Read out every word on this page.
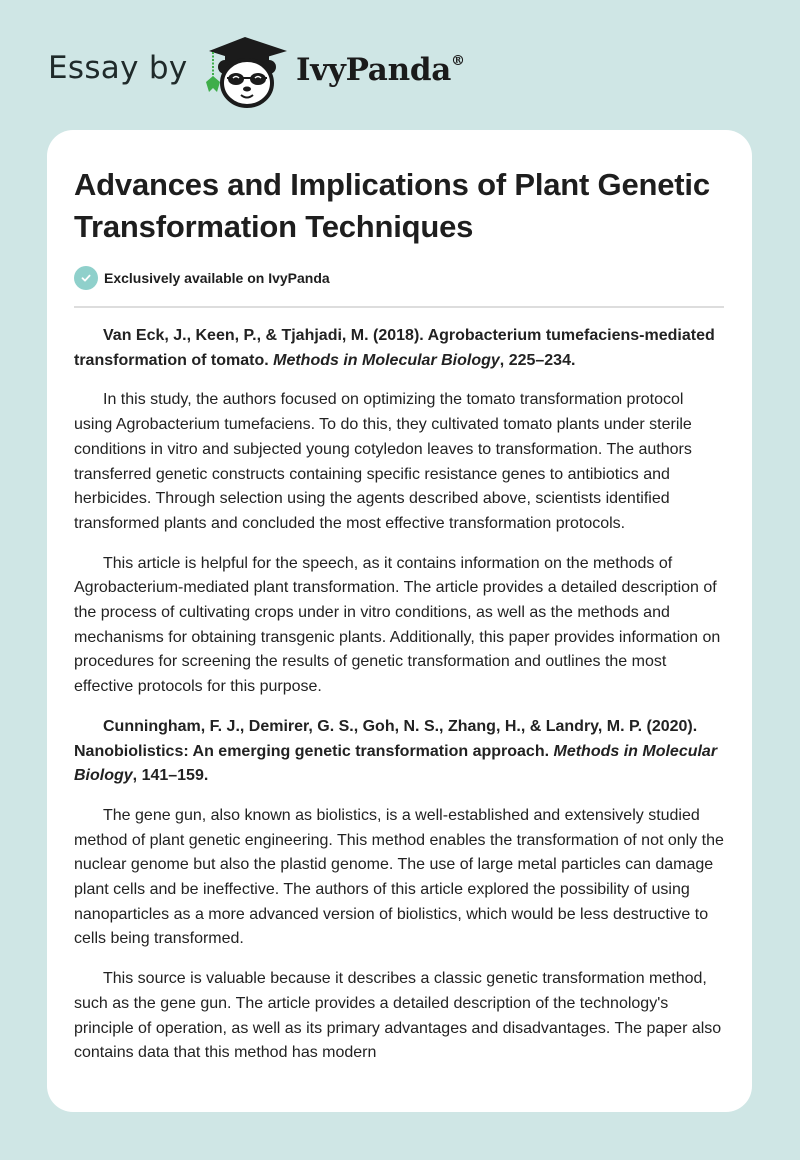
Essay by	IvyPanda®
Advances and Implications of Plant Genetic Transformation Techniques
Exclusively available on IvyPanda

Van Eck, J., Keen, P., & Tjahjadi, M. (2018). Agrobacterium tumefaciens-mediated transformation of tomato. Methods in Molecular Biology, 225–234.

In this study, the authors focused on optimizing the tomato transformation protocol using Agrobacterium tumefaciens. To do this, they cultivated tomato plants under sterile conditions in vitro and subjected young cotyledon leaves to transformation. The authors transferred genetic constructs containing specific resistance genes to antibiotics and herbicides. Through selection using the agents described above, scientists identified transformed plants and concluded the most effective transformation protocols.

This article is helpful for the speech, as it contains information on the methods of Agrobacterium-mediated plant transformation. The article provides a detailed description of the process of cultivating crops under in vitro conditions, as well as the methods and mechanisms for obtaining transgenic plants. Additionally, this paper provides information on procedures for screening the results of genetic transformation and outlines the most effective protocols for this purpose.

Cunningham, F. J., Demirer, G. S., Goh, N. S., Zhang, H., & Landry, M. P. (2020). Nanobiolistics: An emerging genetic transformation approach. Methods in Molecular Biology, 141–159.

The gene gun, also known as biolistics, is a well-established and extensively studied method of plant genetic engineering. This method enables the transformation of not only the nuclear genome but also the plastid genome. The use of large metal particles can damage plant cells and be ineffective. The authors of this article explored the possibility of using nanoparticles as a more advanced version of biolistics, which would be less destructive to cells being transformed.

This source is valuable because it describes a classic genetic transformation method, such as the gene gun. The article provides a detailed description of the technology's principle of operation, as well as its primary advantages and disadvantages. The paper also contains data that this method has modern
